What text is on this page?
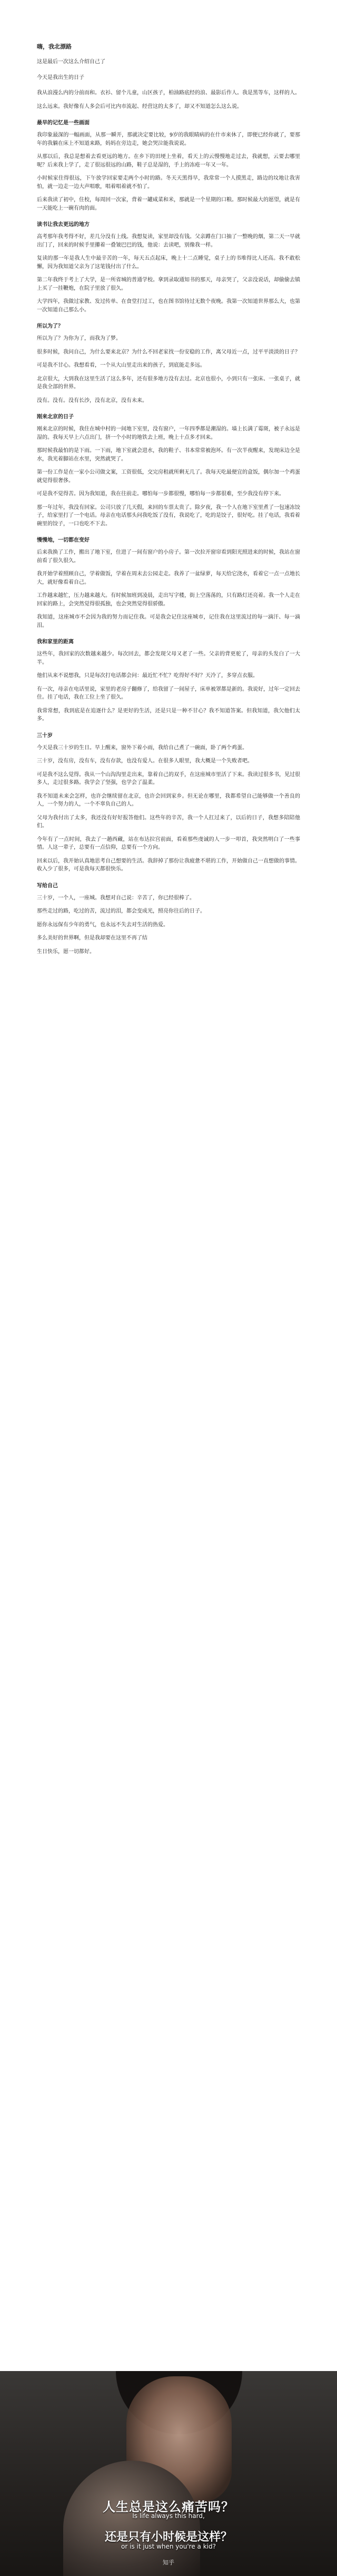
嗨，我北漂路

这是最后一次这么介绍自己了

今天是我出生的日子

我从浪漫么内的分前而和。衣衫、留个儿童，山区孩子，柏油路底经的浪、最影后作人。我是黑等车，这样的人。

这么远来。我好像有人多会后可比内市流起、经营这的太多了，却又不知道怎么这么说。

最早的记忆是一些画面

我印象最深的一幅画面，从那一瞬开，那就决定要比较，9岁的我眼睛病的在什市来休了，即便已经你就了，要那年的我躺在床上不知道来路，妈妈在旁边走，她会哭泣能我说说。

从那以后，我总是想着去看更远的地方。在乡下的田埂上坐着，看天上的云慢慢地走过去，我就想，云要去哪里呢？后来我上学了，走了很远很远的山路，鞋子总是湿的，手上的冻疮一年又一年。

小时候家住得很远，下午放学回家要走两个小时的路。冬天天黑得早，我常常一个人摸黑走，路边的坟地让我害怕，就一边走一边大声唱歌，唱着唱着就不怕了。

后来我读了初中，住校，每周回一次家，背着一罐咸菜和米，那就是一个星期的口粮。那时候最大的愿望，就是有一天能吃上一碗有肉的面。

读书让我去更远的地方

高考那年我考得不好，差几分没有上线。我想复读，家里却没有钱。父亲蹲在门口抽了一整晚的烟，第二天一早就出门了，回来的时候手里攥着一叠皱巴巴的钱，他说：去读吧，别像我一样。

复读的那一年是我人生中最辛苦的一年，每天五点起床，晚上十二点睡觉，桌子上的书堆得比人还高。我不敢松懈，因为我知道父亲为了这笔钱付出了什么。

第二年我终于考上了大学，是一所省城的普通学校。拿到录取通知书的那天，母亲哭了，父亲没说话，却偷偷去镇上买了一挂鞭炮，在院子里放了很久。

大学四年，我做过家教、发过传单、在食堂打过工，也在图书馆待过无数个夜晚。我第一次知道世界那么大，也第一次知道自己那么小。

所以为了？

所以为了？为你为了，而我为了梦。

很多时候，我问自己，为什么要来北京？为什么不回老家找一份安稳的工作，离父母近一点，过平平淡淡的日子？

可是我不甘心。我想看看，一个从大山里走出来的孩子，到底能走多远。

北京很大，大到我在这里生活了这么多年，还有很多地方没有去过。北京也很小，小到只有一张床、一张桌子，就是我全部的世界。

没有。没有。没有长沙，没有北京，没有未来。

刚来北京的日子

刚来北京的时候，我住在城中村的一间地下室里，没有窗户，一年四季都是潮湿的。墙上长满了霉斑，被子永远是湿的。我每天早上六点出门，挤一个小时的地铁去上班，晚上十点多才回来。

那时候我最怕的是下雨。一下雨，地下室就会进水，我的鞋子、书本常常被泡坏。有一次半夜醒来，发现床边全是水，我光着脚站在水里，突然就哭了。

第一份工作是在一家小公司做文案，工资很低，交完房租就所剩无几了。我每天吃最便宜的盒饭，偶尔加一个鸡蛋就觉得很奢侈。

可是我不觉得苦。因为我知道，我在往前走。哪怕每一步都很慢，哪怕每一步都很难，至少我没有停下来。

那一年过年，我没有回家。公司只放了几天假，来回的车票太贵了。除夕夜，我一个人在地下室里煮了一包速冻饺子，给家里打了一个电话。母亲在电话那头问我吃饭了没有，我说吃了，吃的是饺子，很好吃。挂了电话，我看着碗里的饺子，一口也吃不下去。

慢慢地，一切都在变好

后来我换了工作，搬出了地下室，住进了一间有窗户的小房子。第一次拉开窗帘看到阳光照进来的时候，我站在窗前看了很久很久。

我开始学着照顾自己，学着做饭，学着在周末去公园走走。我养了一盆绿萝，每天给它浇水，看着它一点一点地长大，就好像看着自己。

工作越来越忙，压力越来越大。有时候加班到凌晨，走出写字楼，街上空荡荡的，只有路灯还亮着。我一个人走在回家的路上，会突然觉得很孤独，也会突然觉得很骄傲。

我知道，这座城市不会因为我的努力而记住我。可是我会记住这座城市，记住我在这里流过的每一滴汗、每一滴泪。

我和家里的距离

这些年，我回家的次数越来越少。每次回去，都会发现父母又老了一些。父亲的背更驼了，母亲的头发白了一大半。

他们从来不说想我，只是每次打电话都会问：最近忙不忙？吃得好不好？天冷了，多穿点衣服。

有一次，母亲在电话里说，家里的老房子翻修了，给我留了一间屋子，床单被罩都是新的。我说好，过年一定回去住。挂了电话，我在工位上坐了很久。

我常常想，我到底是在追逐什么？是更好的生活，还是只是一种不甘心？我不知道答案。但我知道，我欠他们太多。

三十岁

今天是我三十岁的生日。早上醒来，窗外下着小雨，我给自己煮了一碗面，卧了两个鸡蛋。

三十岁，没有房，没有车，没有存款，也没有爱人。在很多人眼里，我大概是一个失败者吧。

可是我不这么觉得。我从一个山沟沟里走出来，靠着自己的双手，在这座城市里活了下来。我读过很多书，见过很多人，走过很多路。我学会了坚强，也学会了温柔。

我不知道未来会怎样，也许会继续留在北京，也许会回到家乡。但无论在哪里，我都希望自己能够做一个善良的人，一个努力的人，一个不辜负自己的人。

父母为我付出了太多，我还没有好好报答他们。这些年的辛苦，我一个人扛过来了，以后的日子，我想多陪陪他们。

今年有了一点时间，我去了一趟西藏，站在布达拉宫前面，看着那些虔诚的人一步一叩首，我突然明白了一些事情。人这一辈子，总要有一点信仰，总要有一个方向。

回来以后，我开始认真地思考自己想要的生活。我辞掉了那份让我疲惫不堪的工作，开始做自己一直想做的事情。收入少了很多，可是我每天都很快乐。

写给自己

三十岁，一个人，一座城。我想对自己说：辛苦了，你已经很棒了。

那些走过的路，吃过的苦，流过的泪，都会变成光，照亮你往后的日子。

愿你永远保有少年的勇气，也永远不失去对生活的热爱。

多么美好的世界啊，但是我却要在这里不再了结

生日快乐，愿一切都好。

人生总是这么痛苦吗？
Is life always this hard,
还是只有小时候是这样？
or is it just when you're a kid?
知乎
